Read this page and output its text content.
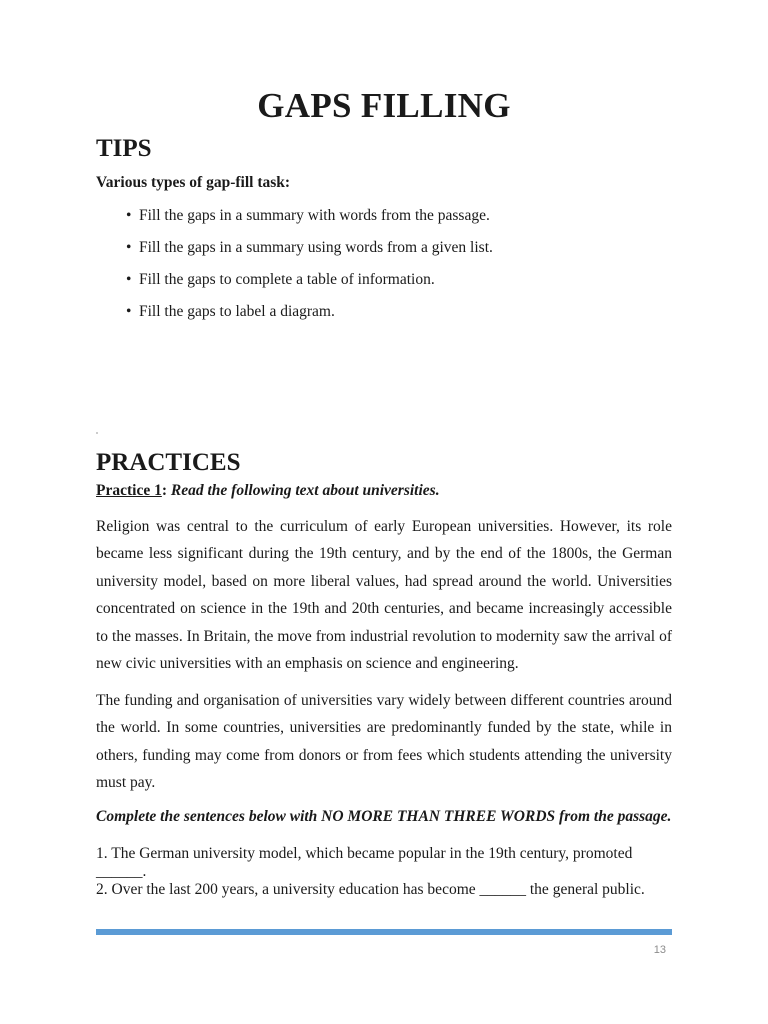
GAPS FILLING
TIPS

Various types of gap-fill task:

• Fill the gaps in a summary with words from the passage.
• Fill the gaps in a summary using words from a given list.
• Fill the gaps to complete a table of information.
• Fill the gaps to label a diagram.
PRACTICES

Practice 1: Read the following text about universities.

Religion was central to the curriculum of early European universities. However, its role became less significant during the 19th century, and by the end of the 1800s, the German university model, based on more liberal values, had spread around the world. Universities concentrated on science in the 19th and 20th centuries, and became increasingly accessible to the masses. In Britain, the move from industrial revolution to modernity saw the arrival of new civic universities with an emphasis on science and engineering.

The funding and organisation of universities vary widely between different countries around the world. In some countries, universities are predominantly funded by the state, while in others, funding may come from donors or from fees which students attending the university must pay.

Complete the sentences below with NO MORE THAN THREE WORDS from the passage.

1. The German university model, which became popular in the 19th century, promoted ______.

2. Over the last 200 years, a university education has become ______ the general public.

13
